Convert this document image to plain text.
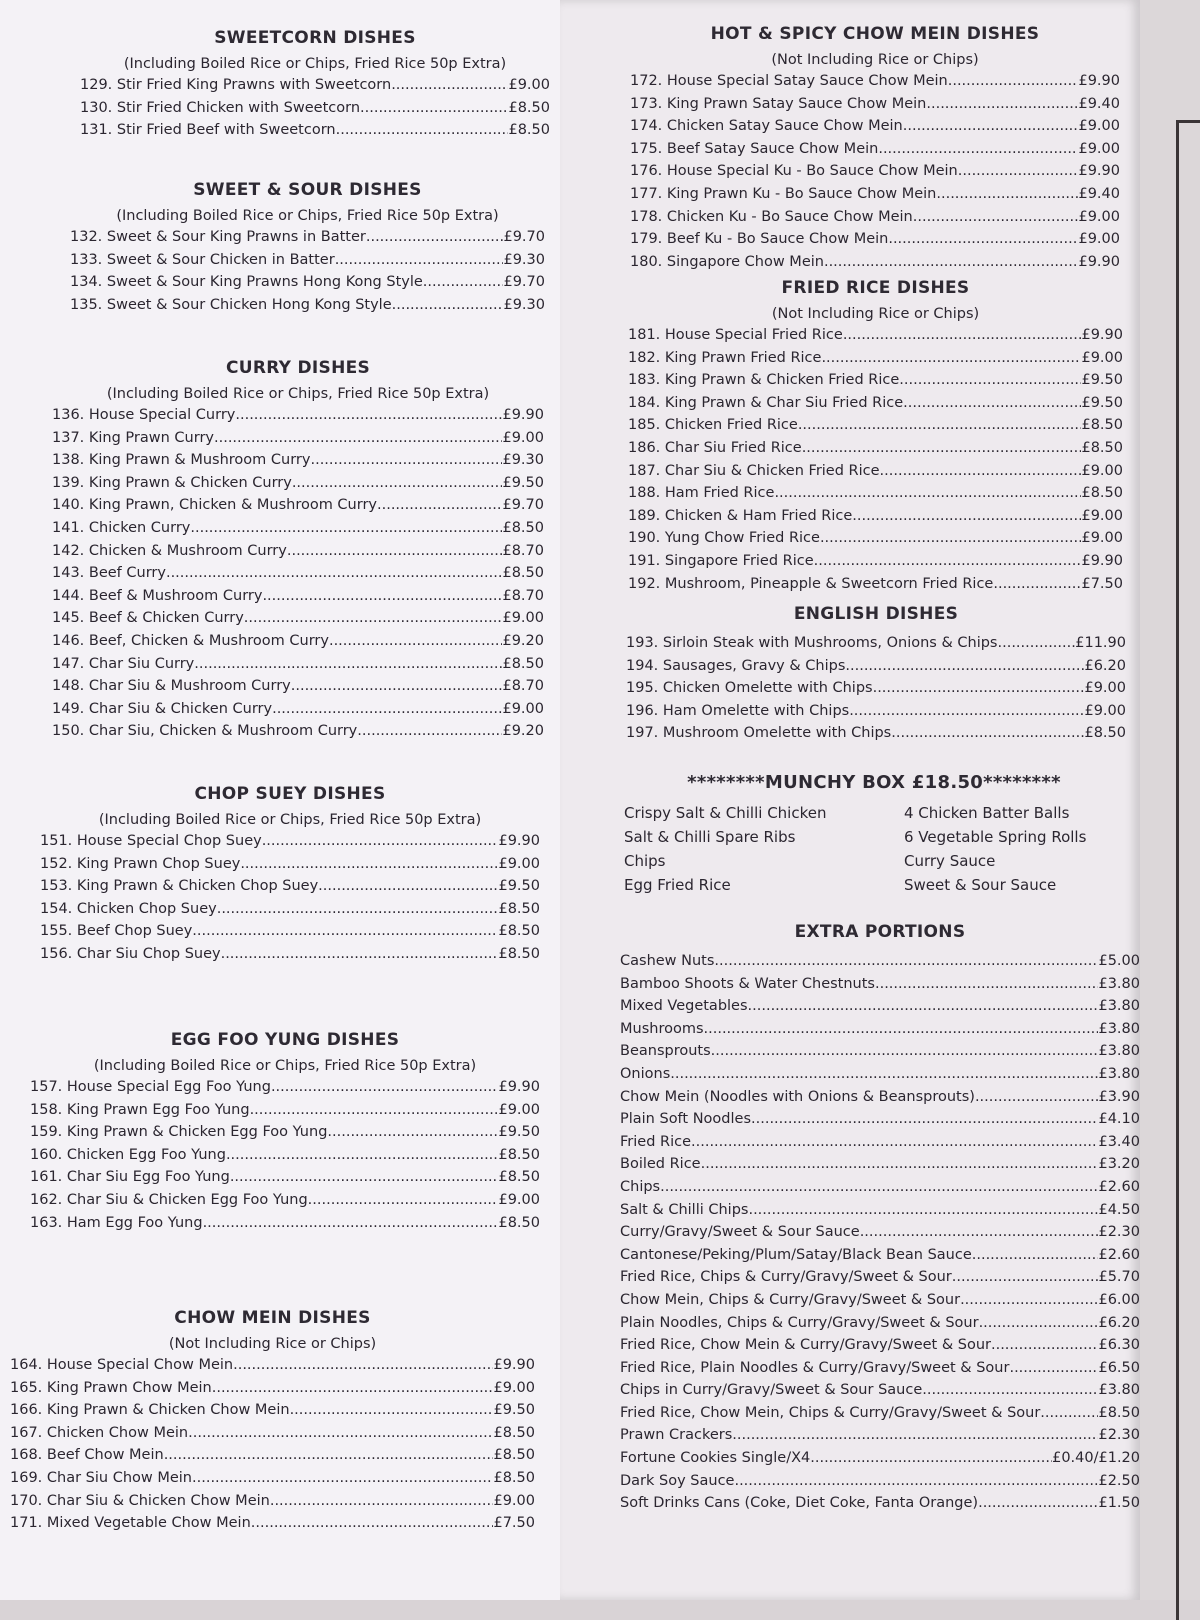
SWEETCORN DISHES
(Including Boiled Rice or Chips, Fried Rice 50p Extra)
129. Stir Fried King Prawns with Sweetcorn .....	£9.00
130. Stir Fried Chicken with Sweetcorn .....	£8.50
131. Stir Fried Beef with Sweetcorn .....	£8.50
SWEET & SOUR DISHES
(Including Boiled Rice or Chips, Fried Rice 50p Extra)
132. Sweet & Sour King Prawns in Batter .....	£9.70
133. Sweet & Sour Chicken in Batter .....	£9.30
134. Sweet & Sour King Prawns Hong Kong Style .....	£9.70
135. Sweet & Sour Chicken Hong Kong Style .....	£9.30
CURRY DISHES
(Including Boiled Rice or Chips, Fried Rice 50p Extra)
136. House Special Curry .....	£9.90
137. King Prawn Curry .....	£9.00
138. King Prawn & Mushroom Curry .....	£9.30
139. King Prawn & Chicken Curry .....	£9.50
140. King Prawn, Chicken & Mushroom Curry .....	£9.70
141. Chicken Curry .....	£8.50
142. Chicken & Mushroom Curry .....	£8.70
143. Beef Curry .....	£8.50
144. Beef & Mushroom Curry .....	£8.70
145. Beef & Chicken Curry .....	£9.00
146. Beef, Chicken & Mushroom Curry .....	£9.20
147. Char Siu Curry .....	£8.50
148. Char Siu & Mushroom Curry .....	£8.70
149. Char Siu & Chicken Curry .....	£9.00
150. Char Siu, Chicken & Mushroom Curry .....	£9.20
CHOP SUEY DISHES
(Including Boiled Rice or Chips, Fried Rice 50p Extra)
151. House Special Chop Suey .....	£9.90
152. King Prawn Chop Suey .....	£9.00
153. King Prawn & Chicken Chop Suey .....	£9.50
154. Chicken Chop Suey .....	£8.50
155. Beef Chop Suey .....	£8.50
156. Char Siu Chop Suey .....	£8.50
EGG FOO YUNG DISHES
(Including Boiled Rice or Chips, Fried Rice 50p Extra)
157. House Special Egg Foo Yung .....	£9.90
158. King Prawn Egg Foo Yung .....	£9.00
159. King Prawn & Chicken Egg Foo Yung .....	£9.50
160. Chicken Egg Foo Yung .....	£8.50
161. Char Siu Egg Foo Yung .....	£8.50
162. Char Siu & Chicken Egg Foo Yung .....	£9.00
163. Ham Egg Foo Yung .....	£8.50
CHOW MEIN DISHES
(Not Including Rice or Chips)
164. House Special Chow Mein .....	£9.90
165. King Prawn Chow Mein .....	£9.00
166. King Prawn & Chicken Chow Mein .....	£9.50
167. Chicken Chow Mein .....	£8.50
168. Beef Chow Mein .....	£8.50
169. Char Siu Chow Mein .....	£8.50
170. Char Siu & Chicken Chow Mein .....	£9.00
171. Mixed Vegetable Chow Mein .....	£7.50
HOT & SPICY CHOW MEIN DISHES
(Not Including Rice or Chips)
172. House Special Satay Sauce Chow Mein .....	£9.90
173. King Prawn Satay Sauce Chow Mein .....	£9.40
174. Chicken Satay Sauce Chow Mein .....	£9.00
175. Beef Satay Sauce Chow Mein .....	£9.00
176. House Special Ku - Bo Sauce Chow Mein .....	£9.90
177. King Prawn Ku - Bo Sauce Chow Mein .....	£9.40
178. Chicken Ku - Bo Sauce Chow Mein .....	£9.00
179. Beef Ku - Bo Sauce Chow Mein .....	£9.00
180. Singapore Chow Mein .....	£9.90
FRIED RICE DISHES
(Not Including Rice or Chips)
181. House Special Fried Rice .....	£9.90
182. King Prawn Fried Rice .....	£9.00
183. King Prawn & Chicken Fried Rice .....	£9.50
184. King Prawn & Char Siu Fried Rice .....	£9.50
185. Chicken Fried Rice .....	£8.50
186. Char Siu Fried Rice .....	£8.50
187. Char Siu & Chicken Fried Rice .....	£9.00
188. Ham Fried Rice .....	£8.50
189. Chicken & Ham Fried Rice .....	£9.00
190. Yung Chow Fried Rice .....	£9.00
191. Singapore Fried Rice .....	£9.90
192. Mushroom, Pineapple & Sweetcorn Fried Rice .....	£7.50
ENGLISH DISHES
193. Sirloin Steak with Mushrooms, Onions & Chips .....	£11.90
194. Sausages, Gravy & Chips .....	£6.20
195. Chicken Omelette with Chips .....	£9.00
196. Ham Omelette with Chips .....	£9.00
197. Mushroom Omelette with Chips .....	£8.50
********MUNCHY BOX £18.50********
Crispy Salt & Chilli Chicken
Salt & Chilli Spare Ribs
Chips
Egg Fried Rice
4 Chicken Batter Balls
6 Vegetable Spring Rolls
Curry Sauce
Sweet & Sour Sauce
EXTRA PORTIONS
Cashew Nuts .....	£5.00
Bamboo Shoots & Water Chestnuts .....	£3.80
Mixed Vegetables .....	£3.80
Mushrooms .....	£3.80
Beansprouts .....	£3.80
Onions .....	£3.80
Chow Mein (Noodles with Onions & Beansprouts) .....	£3.90
Plain Soft Noodles .....	£4.10
Fried Rice .....	£3.40
Boiled Rice .....	£3.20
Chips .....	£2.60
Salt & Chilli Chips .....	£4.50
Curry/Gravy/Sweet & Sour Sauce .....	£2.30
Cantonese/Peking/Plum/Satay/Black Bean Sauce .....	£2.60
Fried Rice, Chips & Curry/Gravy/Sweet & Sour .....	£5.70
Chow Mein, Chips & Curry/Gravy/Sweet & Sour .....	£6.00
Plain Noodles, Chips & Curry/Gravy/Sweet & Sour .....	£6.20
Fried Rice, Chow Mein & Curry/Gravy/Sweet & Sour .....	£6.30
Fried Rice, Plain Noodles & Curry/Gravy/Sweet & Sour .....	£6.50
Chips in Curry/Gravy/Sweet & Sour Sauce .....	£3.80
Fried Rice, Chow Mein, Chips & Curry/Gravy/Sweet & Sour .....	£8.50
Prawn Crackers .....	£2.30
Fortune Cookies Single/X4 .....	£0.40/£1.20
Dark Soy Sauce .....	£2.50
Soft Drinks Cans (Coke, Diet Coke, Fanta Orange) .....	£1.50
